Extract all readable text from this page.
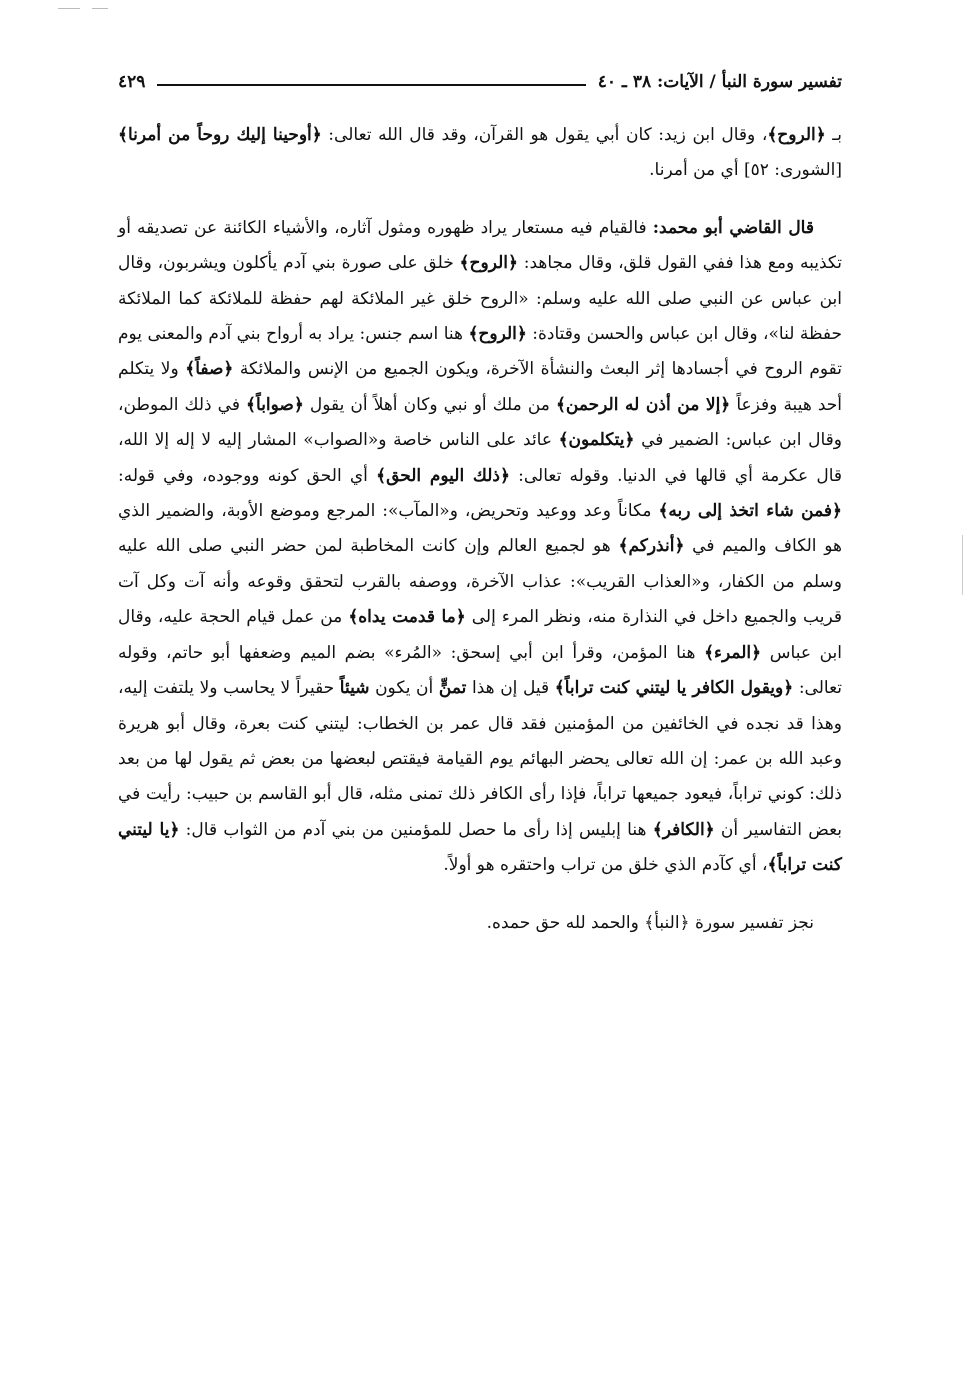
تفسير سورة النبأ / الآيات: ٣٨ ـ ٤٠
٤٢٩

بـ ﴿الروح﴾، وقال ابن زيد: كان أبي يقول هو القرآن، وقد قال الله تعالى: ﴿أوحينا إليك روحاً من أمرنا﴾ [الشورى: ٥٢] أي من أمرنا.

قال القاضي أبو محمد: فالقيام فيه مستعار يراد ظهوره ومثول آثاره، والأشياء الكائنة عن تصديقه أو تكذيبه ومع هذا ففي القول قلق، وقال مجاهد: ﴿الروح﴾ خلق على صورة بني آدم يأكلون ويشربون، وقال ابن عباس عن النبي صلى الله عليه وسلم: «الروح خلق غير الملائكة لهم حفظة للملائكة كما الملائكة حفظة لنا»، وقال ابن عباس والحسن وقتادة: ﴿الروح﴾ هنا اسم جنس: يراد به أرواح بني آدم والمعنى يوم تقوم الروح في أجسادها إثر البعث والنشأة الآخرة، ويكون الجميع من الإنس والملائكة ﴿صفاً﴾ ولا يتكلم أحد هيبة وفزعاً ﴿إلا من أذن له الرحمن﴾ من ملك أو نبي وكان أهلاً أن يقول ﴿صواباً﴾ في ذلك الموطن، وقال ابن عباس: الضمير في ﴿يتكلمون﴾ عائد على الناس خاصة و«الصواب» المشار إليه لا إله إلا الله، قال عكرمة أي قالها في الدنيا. وقوله تعالى: ﴿ذلك اليوم الحق﴾ أي الحق كونه ووجوده، وفي قوله: ﴿فمن شاء اتخذ إلى ربه﴾ مكاناً وعد ووعيد وتحريض، و«المآب»: المرجع وموضع الأوبة، والضمير الذي هو الكاف والميم في ﴿أنذركم﴾ هو لجميع العالم وإن كانت المخاطبة لمن حضر النبي صلى الله عليه وسلم من الكفار، و«العذاب القريب»: عذاب الآخرة، ووصفه بالقرب لتحقق وقوعه وأنه آت وكل آت قريب والجميع داخل في النذارة منه، ونظر المرء إلى ﴿ما قدمت يداه﴾ من عمل قيام الحجة عليه، وقال ابن عباس ﴿المرء﴾ هنا المؤمن، وقرأ ابن أبي إسحق: «المُرء» بضم الميم وضعفها أبو حاتم، وقوله تعالى: ﴿ويقول الكافر يا ليتني كنت تراباً﴾ قيل إن هذا تمنٍّ أن يكون شيئاً حقيراً لا يحاسب ولا يلتفت إليه، وهذا قد نجده في الخائفين من المؤمنين فقد قال عمر بن الخطاب: ليتني كنت بعرة، وقال أبو هريرة وعبد الله بن عمر: إن الله تعالى يحضر البهائم يوم القيامة فيقتص لبعضها من بعض ثم يقول لها من بعد ذلك: كوني تراباً، فيعود جميعها تراباً، فإذا رأى الكافر ذلك تمنى مثله، قال أبو القاسم بن حبيب: رأيت في بعض التفاسير أن ﴿الكافر﴾ هنا إبليس إذا رأى ما حصل للمؤمنين من بني آدم من الثواب قال: ﴿يا ليتني كنت تراباً﴾، أي كآدم الذي خلق من تراب واحتقره هو أولاً.

نجز تفسير سورة ﴿النبأ﴾ والحمد لله حق حمده.
